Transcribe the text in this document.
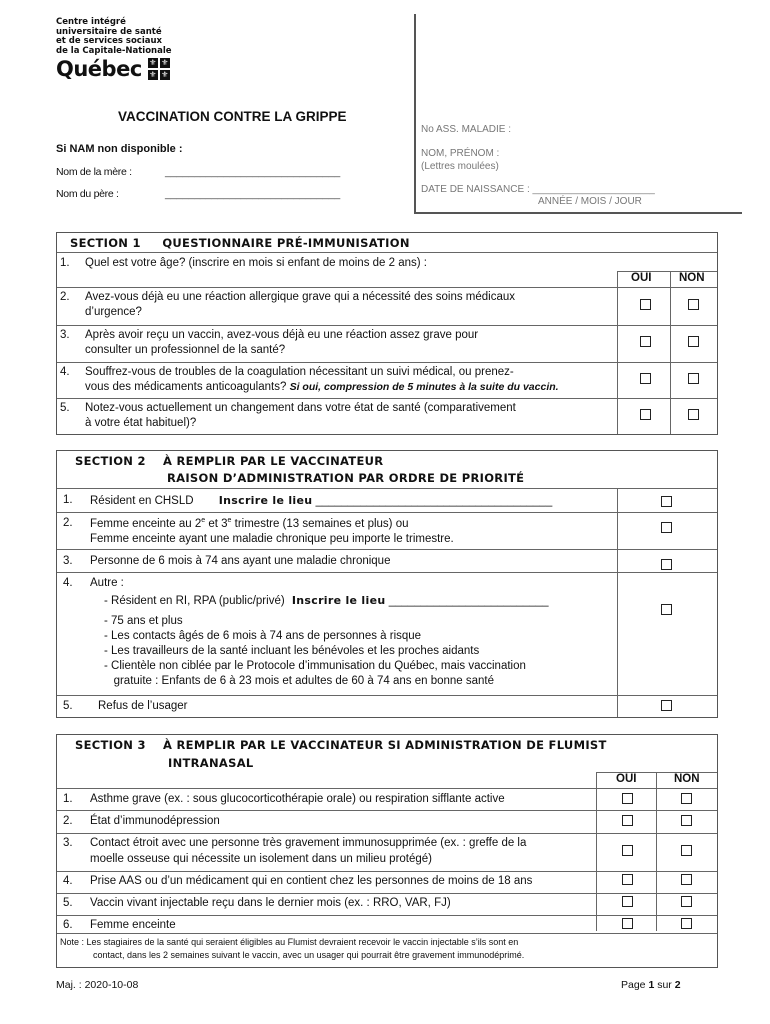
Centre intégré
universitaire de santé
et de services sociaux
de la Capitale-Nationale
Québec ⚜ ⚜
⚜ ⚜
VACCINATION CONTRE LA GRIPPE
Si NAM non disponible :
Nom de la mère :	______________________________
Nom du père :	______________________________
No ASS. MALADIE :
NOM, PRÉNOM :
(Lettres moulées)
DATE DE NAISSANCE : ______________________
ANNÉE / MOIS / JOUR
SECTION 1     QUESTIONNAIRE PRÉ-IMMUNISATION
1. Quel est votre âge? (inscrire en mois si enfant de moins de 2 ans) :
OUI NON
2. Avez-vous déjà eu une réaction allergique grave qui a nécessité des soins médicaux
d’urgence?
3. Après avoir reçu un vaccin, avez-vous déjà eu une réaction assez grave pour
consulter un professionnel de la santé?
4. Souffrez-vous de troubles de la coagulation nécessitant un suivi médical, ou prenez-
vous des médicaments anticoagulants? Si oui, compression de 5 minutes à la suite du vaccin.
5. Notez-vous actuellement un changement dans votre état de santé (comparativement
à votre état habituel)?
SECTION 2    À REMPLIR PAR LE VACCINATEUR
RAISON D’ADMINISTRATION PAR ORDRE DE PRIORITÉ
1. Résident en CHSLD Inscrire le lieu _____________________________________
2. Femme enceinte au 2e et 3e trimestre (13 semaines et plus) ou
Femme enceinte ayant une maladie chronique peu importe le trimestre.
3. Personne de 6 mois à 74 ans ayant une maladie chronique
4. Autre :
- Résident en RI, RPA (public/privé) Inscrire le lieu _________________________
- 75 ans et plus
- Les contacts âgés de 6 mois à 74 ans de personnes à risque
- Les travailleurs de la santé incluant les bénévoles et les proches aidants
- Clientèle non ciblée par le Protocole d’immunisation du Québec, mais vaccination
gratuite : Enfants de 6 à 23 mois et adultes de 60 à 74 ans en bonne santé
5. Refus de l’usager
SECTION 3    À REMPLIR PAR LE VACCINATEUR SI ADMINISTRATION DE FLUMIST
INTRANASAL
OUI	NON
1. Asthme grave (ex. : sous glucocorticothérapie orale) ou respiration sifflante active
2. État d’immunodépression
3. Contact étroit avec une personne très gravement immunosupprimée (ex. : greffe de la
moelle osseuse qui nécessite un isolement dans un milieu protégé)
4. Prise AAS ou d’un médicament qui en contient chez les personnes de moins de 18 ans
5. Vaccin vivant injectable reçu dans le dernier mois (ex. : RRO, VAR, FJ)
6. Femme enceinte
Note : Les stagiaires de la santé qui seraient éligibles au Flumist devraient recevoir le vaccin injectable s’ils sont en
contact, dans les 2 semaines suivant le vaccin, avec un usager qui pourrait être gravement immunodéprimé.
Maj. : 2020-10-08	Page 1 sur 2
